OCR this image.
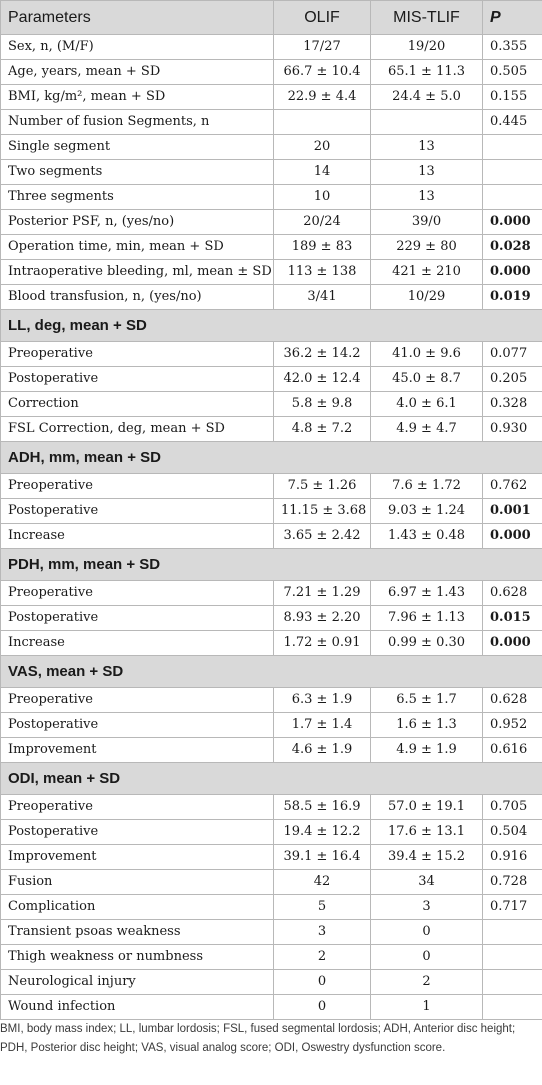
Parameters	OLIF	MIS-TLIF	P
Sex, n, (M/F)	17/27	19/20	0.355
Age, years, mean + SD	66.7 ± 10.4	65.1 ± 11.3	0.505
BMI, kg/m², mean + SD	22.9 ± 4.4	24.4 ± 5.0	0.155
Number of fusion Segments, n			0.445
Single segment	20	13	
Two segments	14	13	
Three segments	10	13	
Posterior PSF, n, (yes/no)	20/24	39/0	0.000
Operation time, min, mean + SD	189 ± 83	229 ± 80	0.028
Intraoperative bleeding, ml, mean ± SD	113 ± 138	421 ± 210	0.000
Blood transfusion, n, (yes/no)	3/41	10/29	0.019
LL, deg, mean + SD			
Preoperative	36.2 ± 14.2	41.0 ± 9.6	0.077
Postoperative	42.0 ± 12.4	45.0 ± 8.7	0.205
Correction	5.8 ± 9.8	4.0 ± 6.1	0.328
FSL Correction, deg, mean + SD	4.8 ± 7.2	4.9 ± 4.7	0.930
ADH, mm, mean + SD			
Preoperative	7.5 ± 1.26	7.6 ± 1.72	0.762
Postoperative	11.15 ± 3.68	9.03 ± 1.24	0.001
Increase	3.65 ± 2.42	1.43 ± 0.48	0.000
PDH, mm, mean + SD			
Preoperative	7.21 ± 1.29	6.97 ± 1.43	0.628
Postoperative	8.93 ± 2.20	7.96 ± 1.13	0.015
Increase	1.72 ± 0.91	0.99 ± 0.30	0.000
VAS, mean + SD			
Preoperative	6.3 ± 1.9	6.5 ± 1.7	0.628
Postoperative	1.7 ± 1.4	1.6 ± 1.3	0.952
Improvement	4.6 ± 1.9	4.9 ± 1.9	0.616
ODI, mean + SD			
Preoperative	58.5 ± 16.9	57.0 ± 19.1	0.705
Postoperative	19.4 ± 12.2	17.6 ± 13.1	0.504
Improvement	39.1 ± 16.4	39.4 ± 15.2	0.916
Fusion	42	34	0.728
Complication	5	3	0.717
Transient psoas weakness	3	0	
Thigh weakness or numbness	2	0	
Neurological injury	0	2	
Wound infection	0	1	
BMI, body mass index; LL, lumbar lordosis; FSL, fused segmental lordosis; ADH, Anterior disc height; PDH, Posterior disc height; VAS, visual analog score; ODI, Oswestry dysfunction score.
